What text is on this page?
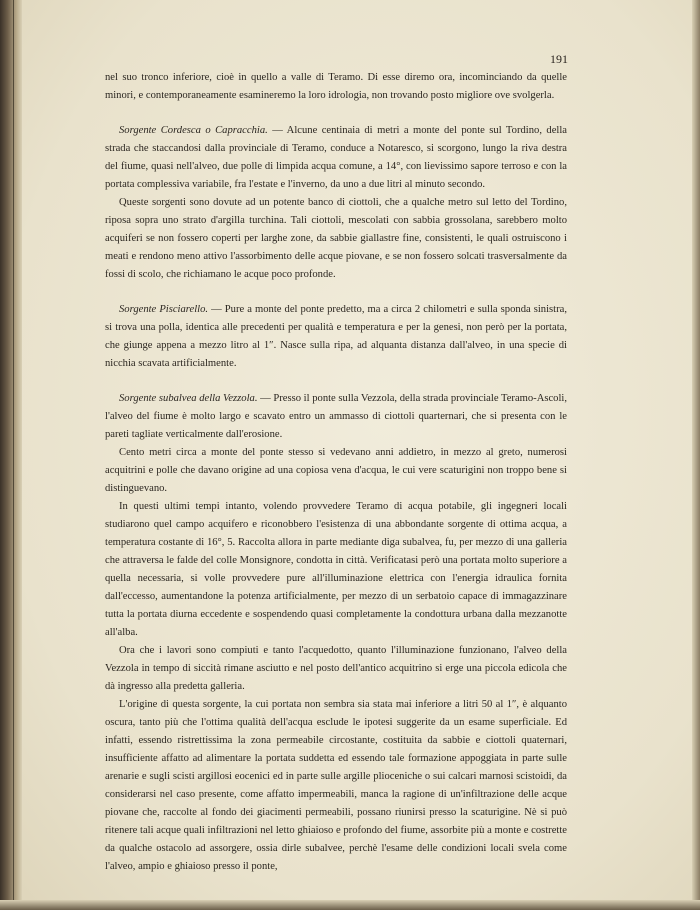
191

nel suo tronco inferiore, cioè in quello a valle di Teramo. Di esse diremo ora, incominciando da quelle minori, e contemporaneamente esamineremo la loro idrologia, non trovando posto migliore ove svolgerla.

Sorgente Cordesca o Capracchia. — Alcune centinaia di metri a monte del ponte sul Tordino, della strada che staccandosi dalla provinciale di Teramo, conduce a Notaresco, si scorgono, lungo la riva destra del fiume, quasi nell'alveo, due polle di limpida acqua comune, a 14°, con lievissimo sapore terroso e con la portata complessiva variabile, fra l'estate e l'inverno, da uno a due litri al minuto secondo.

Queste sorgenti sono dovute ad un potente banco di ciottoli, che a qualche metro sul letto del Tordino, riposa sopra uno strato d'argilla turchina. Tali ciottoli, mescolati con sabbia grossolana, sarebbero molto acquiferi se non fossero coperti per larghe zone, da sabbie giallastre fine, consistenti, le quali ostruiscono i meati e rendono meno attivo l'assorbimento delle acque piovane, e se non fossero solcati trasversalmente da fossi di scolo, che richiamano le acque poco profonde.

Sorgente Pisciarello. — Pure a monte del ponte predetto, ma a circa 2 chilometri e sulla sponda sinistra, si trova una polla, identica alle precedenti per qualità e temperatura e per la genesi, non però per la portata, che giunge appena a mezzo litro al 1″. Nasce sulla ripa, ad alquanta distanza dall'alveo, in una specie di nicchia scavata artificialmente.

Sorgente subalvea della Vezzola. — Presso il ponte sulla Vezzola, della strada provinciale Teramo-Ascoli, l'alveo del fiume è molto largo e scavato entro un ammasso di ciottoli quarternari, che si presenta con le pareti tagliate verticalmente dall'erosione.

Cento metri circa a monte del ponte stesso si vedevano anni addietro, in mezzo al greto, numerosi acquitrini e polle che davano origine ad una copiosa vena d'acqua, le cui vere scaturigini non troppo bene si distinguevano.

In questi ultimi tempi intanto, volendo provvedere Teramo di acqua potabile, gli ingegneri locali studiarono quel campo acquifero e riconobbero l'esistenza di una abbondante sorgente di ottima acqua, a temperatura costante di 16°, 5. Raccolta allora in parte mediante diga subalvea, fu, per mezzo di una galleria che attraversa le falde del colle Monsignore, condotta in città. Verificatasi però una portata molto superiore a quella necessaria, si volle provvedere pure all'illuminazione elettrica con l'energia idraulica fornita dall'eccesso, aumentandone la potenza artificialmente, per mezzo di un serbatoio capace di immagazzinare tutta la portata diurna eccedente e sospendendo quasi completamente la condottura urbana dalla mezzanotte all'alba.

Ora che i lavori sono compiuti e tanto l'acquedotto, quanto l'illuminazione funzionano, l'alveo della Vezzola in tempo di siccità rimane asciutto e nel posto dell'antico acquitrino si erge una piccola edicola che dà ingresso alla predetta galleria.

L'origine di questa sorgente, la cui portata non sembra sia stata mai inferiore a litri 50 al 1″, è alquanto oscura, tanto più che l'ottima qualità dell'acqua esclude le ipotesi suggerite da un esame superficiale. Ed infatti, essendo ristrettissima la zona permeabile circostante, costituita da sabbie e ciottoli quaternari, insufficiente affatto ad alimentare la portata suddetta ed essendo tale formazione appoggiata in parte sulle arenarie e sugli scisti argillosi eocenici ed in parte sulle argille plioceniche o sui calcari marnosi scistoidi, da considerarsi nel caso presente, come affatto impermeabili, manca la ragione di un'infiltrazione delle acque piovane che, raccolte al fondo dei giacimenti permeabili, possano riunirsi presso la scaturigine. Nè si può ritenere tali acque quali infiltrazioni nel letto ghiaioso e profondo del fiume, assorbite più a monte e costrette da qualche ostacolo ad assorgere, ossia dirle subalvee, perchè l'esame delle condizioni locali svela come l'alveo, ampio e ghiaioso presso il ponte,
